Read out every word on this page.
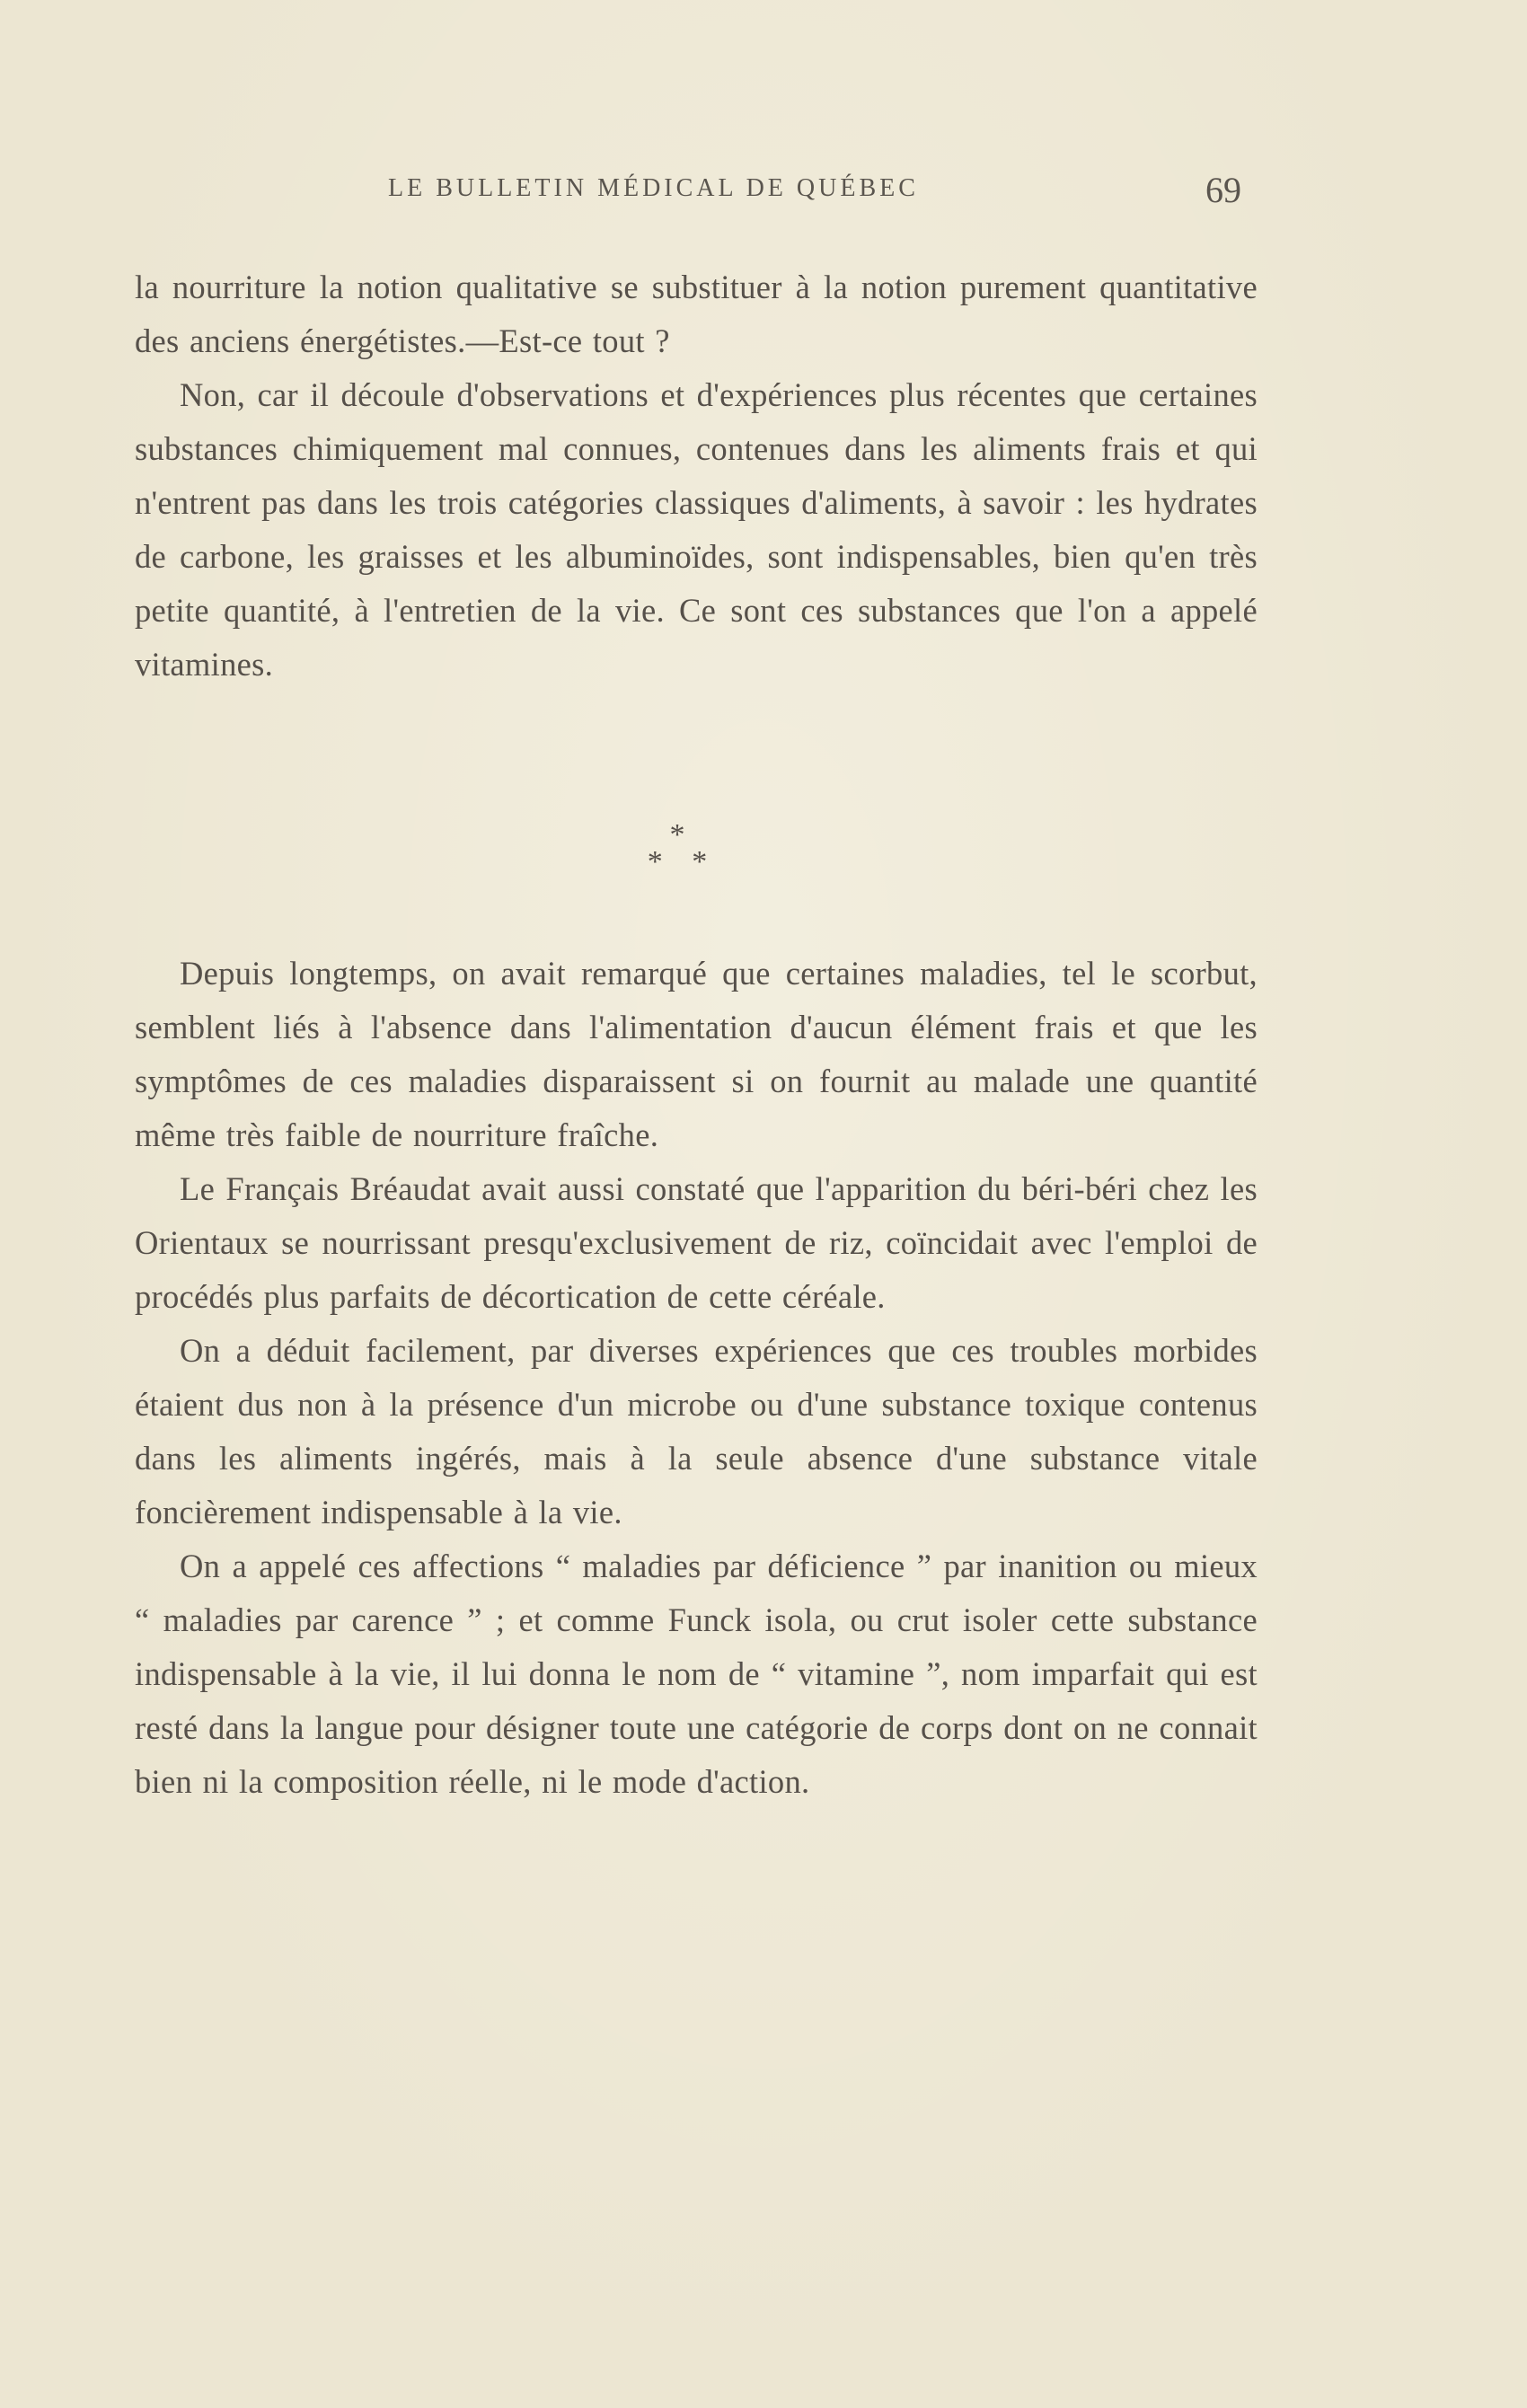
LE BULLETIN MÉDICAL DE QUÉBEC	69

la nourriture la notion qualitative se substituer à la notion purement quantitative des anciens énergétistes.—Est-ce tout ?

Non, car il découle d'observations et d'expériences plus récentes que certaines substances chimiquement mal connues, contenues dans les aliments frais et qui n'entrent pas dans les trois catégories classiques d'aliments, à savoir : les hydrates de carbone, les graisses et les albuminoïdes, sont indispensables, bien qu'en très petite quantité, à l'entretien de la vie. Ce sont ces substances que l'on a appelé vitamines.

*
* *

Depuis longtemps, on avait remarqué que certaines maladies, tel le scorbut, semblent liés à l'absence dans l'alimentation d'aucun élément frais et que les symptômes de ces maladies disparaissent si on fournit au malade une quantité même très faible de nourriture fraîche.

Le Français Bréaudat avait aussi constaté que l'apparition du béri-béri chez les Orientaux se nourrissant presqu'exclusivement de riz, coïncidait avec l'emploi de procédés plus parfaits de décortication de cette céréale.

On a déduit facilement, par diverses expériences que ces troubles morbides étaient dus non à la présence d'un microbe ou d'une substance toxique contenus dans les aliments ingérés, mais à la seule absence d'une substance vitale foncièrement indispensable à la vie.

On a appelé ces affections “ maladies par déficience ” par inanition ou mieux “ maladies par carence ” ; et comme Funck isola, ou crut isoler cette substance indispensable à la vie, il lui donna le nom de “ vitamine ”, nom imparfait qui est resté dans la langue pour désigner toute une catégorie de corps dont on ne connait bien ni la composition réelle, ni le mode d'action.
